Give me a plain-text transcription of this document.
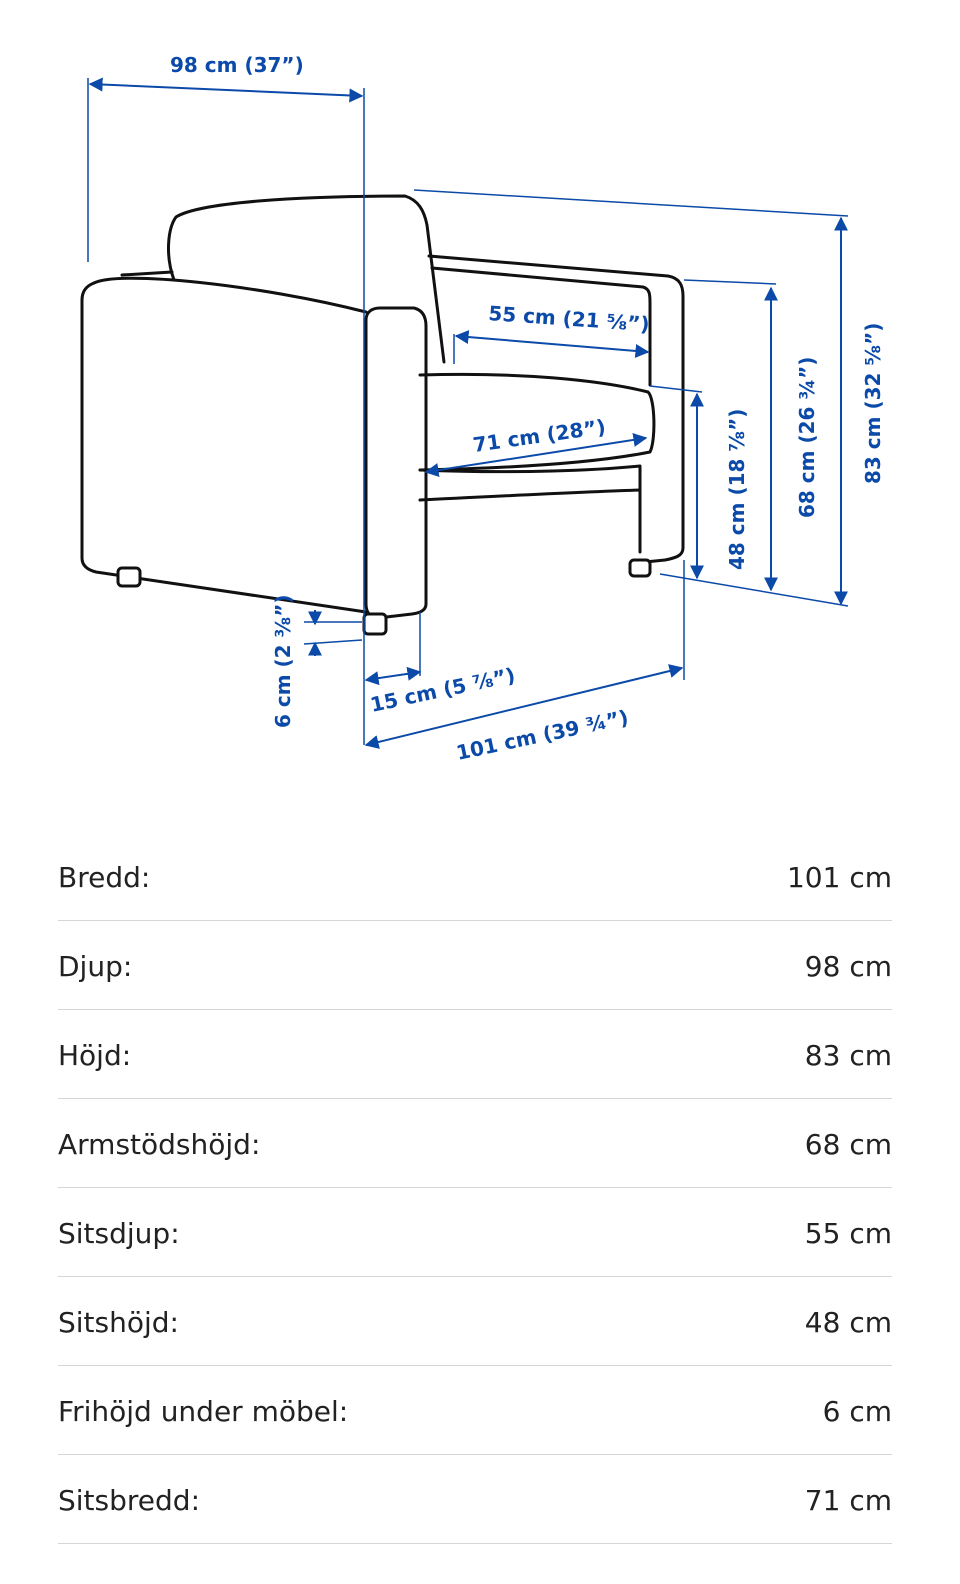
98 cm (37”)
55 cm (21 ⅝”)
71 cm (28”)	48 cm (18 ⅞”) 68 cm (26 ¾”) 83 cm (32 ⅝”)
6 cm (2 ⅜”)	15 cm (5 ⅞”)
101 cm (39 ¾”)
Bredd:	101 cm
Djup:	98 cm
Höjd:	83 cm
Armstödshöjd:	68 cm
Sitsdjup:	55 cm
Sitshöjd:	48 cm
Frihöjd under möbel:	6 cm
Sitsbredd:	71 cm
